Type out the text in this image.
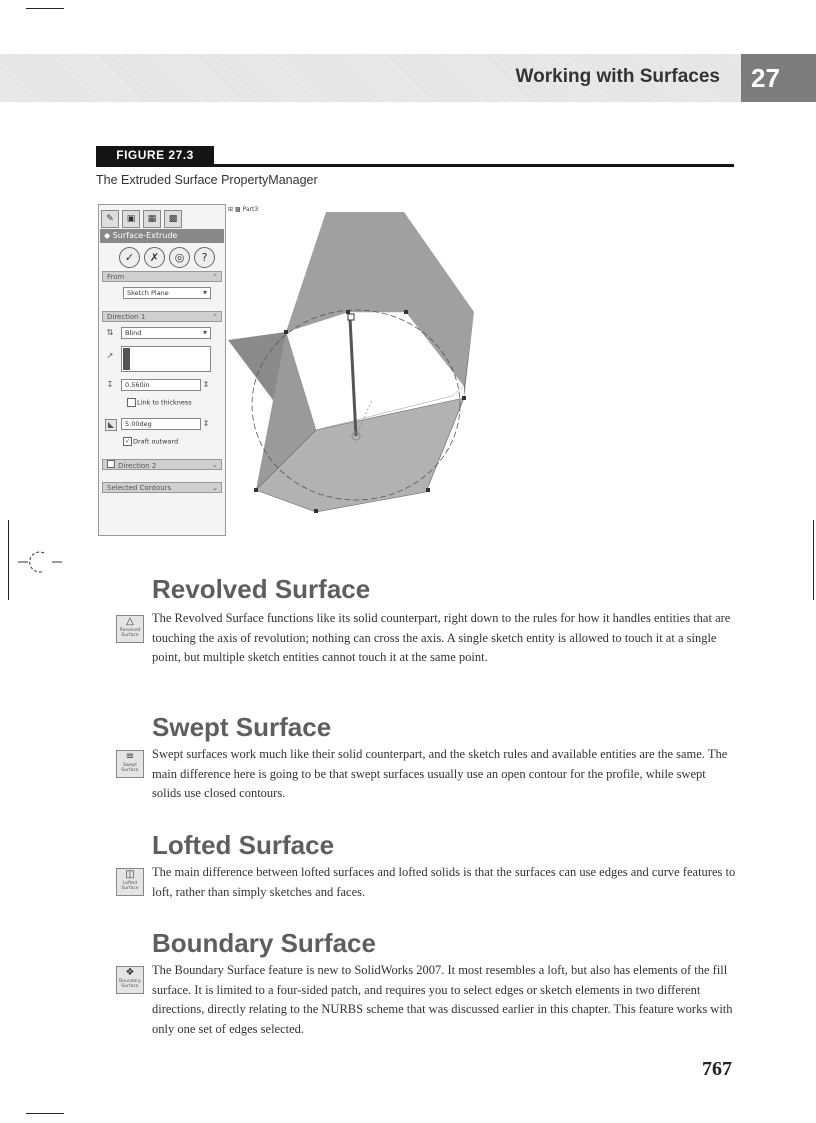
Working with Surfaces	27
FIGURE 27.3
The Extruded Surface PropertyManager
✎	▣	▦	▩
◆ Surface-Extrude
✓	✗	◎	?
From	⌃
Sketch Plane	▾
Direction 1	⌃
⇅	Blind	▾
↗
↧	0.560in	⇕
Link to thickness
◣	5.00deg	⇕
✓ Draft outward
Direction 2	⌄
Selected Contours	⌄
⊞ ▩ Part3
Revolved Surface
△
Revolved Surface
The Revolved Surface functions like its solid counterpart, right down to the rules for how it handles entities that are touching the axis of revolution; nothing can cross the axis. A single sketch entity is allowed to touch it at a single point, but multiple sketch entities cannot touch it at the same point.
Swept Surface
≡
Swept Surface
Swept surfaces work much like their solid counterpart, and the sketch rules and available entities are the same. The main difference here is going to be that swept surfaces usually use an open contour for the profile, while swept solids use closed contours.
Lofted Surface
◫
Lofted Surface
The main difference between lofted surfaces and lofted solids is that the surfaces can use edges and curve features to loft, rather than simply sketches and faces.
Boundary Surface
❖
Boundary Surface
The Boundary Surface feature is new to SolidWorks 2007. It most resembles a loft, but also has elements of the fill surface. It is limited to a four-sided patch, and requires you to select edges or sketch elements in two different directions, directly relating to the NURBS scheme that was discussed earlier in this chapter. This feature works with only one set of edges selected.
767
